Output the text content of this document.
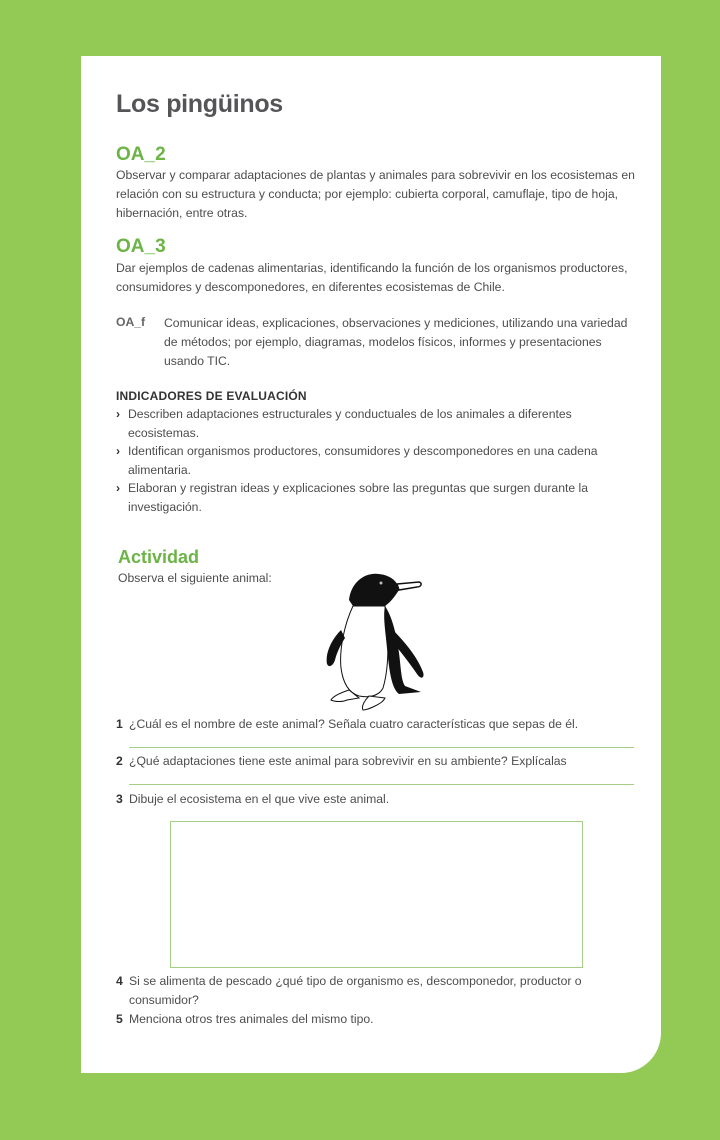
Los pingüinos
OA_2
Observar y comparar adaptaciones de plantas y animales para sobrevivir en los ecosistemas en relación con su estructura y conducta; por ejemplo: cubierta corporal, camuflaje, tipo de hoja, hibernación, entre otras.
OA_3
Dar ejemplos de cadenas alimentarias, identificando la función de los organismos productores, consumidores y descomponedores, en diferentes ecosistemas de Chile.
OA_f Comunicar ideas, explicaciones, observaciones y mediciones, utilizando una variedad de métodos; por ejemplo, diagramas, modelos físicos, informes y presentaciones usando TIC.
INDICADORES DE EVALUACIÓN
› Describen adaptaciones estructurales y conductuales de los animales a diferentes ecosistemas.
› Identifican organismos productores, consumidores y descomponedores en una cadena alimentaria.
› Elaboran y registran ideas y explicaciones sobre las preguntas que surgen durante la investigación.
Actividad
Observa el siguiente animal:
1 ¿Cuál es el nombre de este animal? Señala cuatro características que sepas de él.
2 ¿Qué adaptaciones tiene este animal para sobrevivir en su ambiente? Explícalas
3 Dibuje el ecosistema en el que vive este animal.
4 Si se alimenta de pescado ¿qué tipo de organismo es, descomponedor, productor o consumidor?
5 Menciona otros tres animales del mismo tipo.
